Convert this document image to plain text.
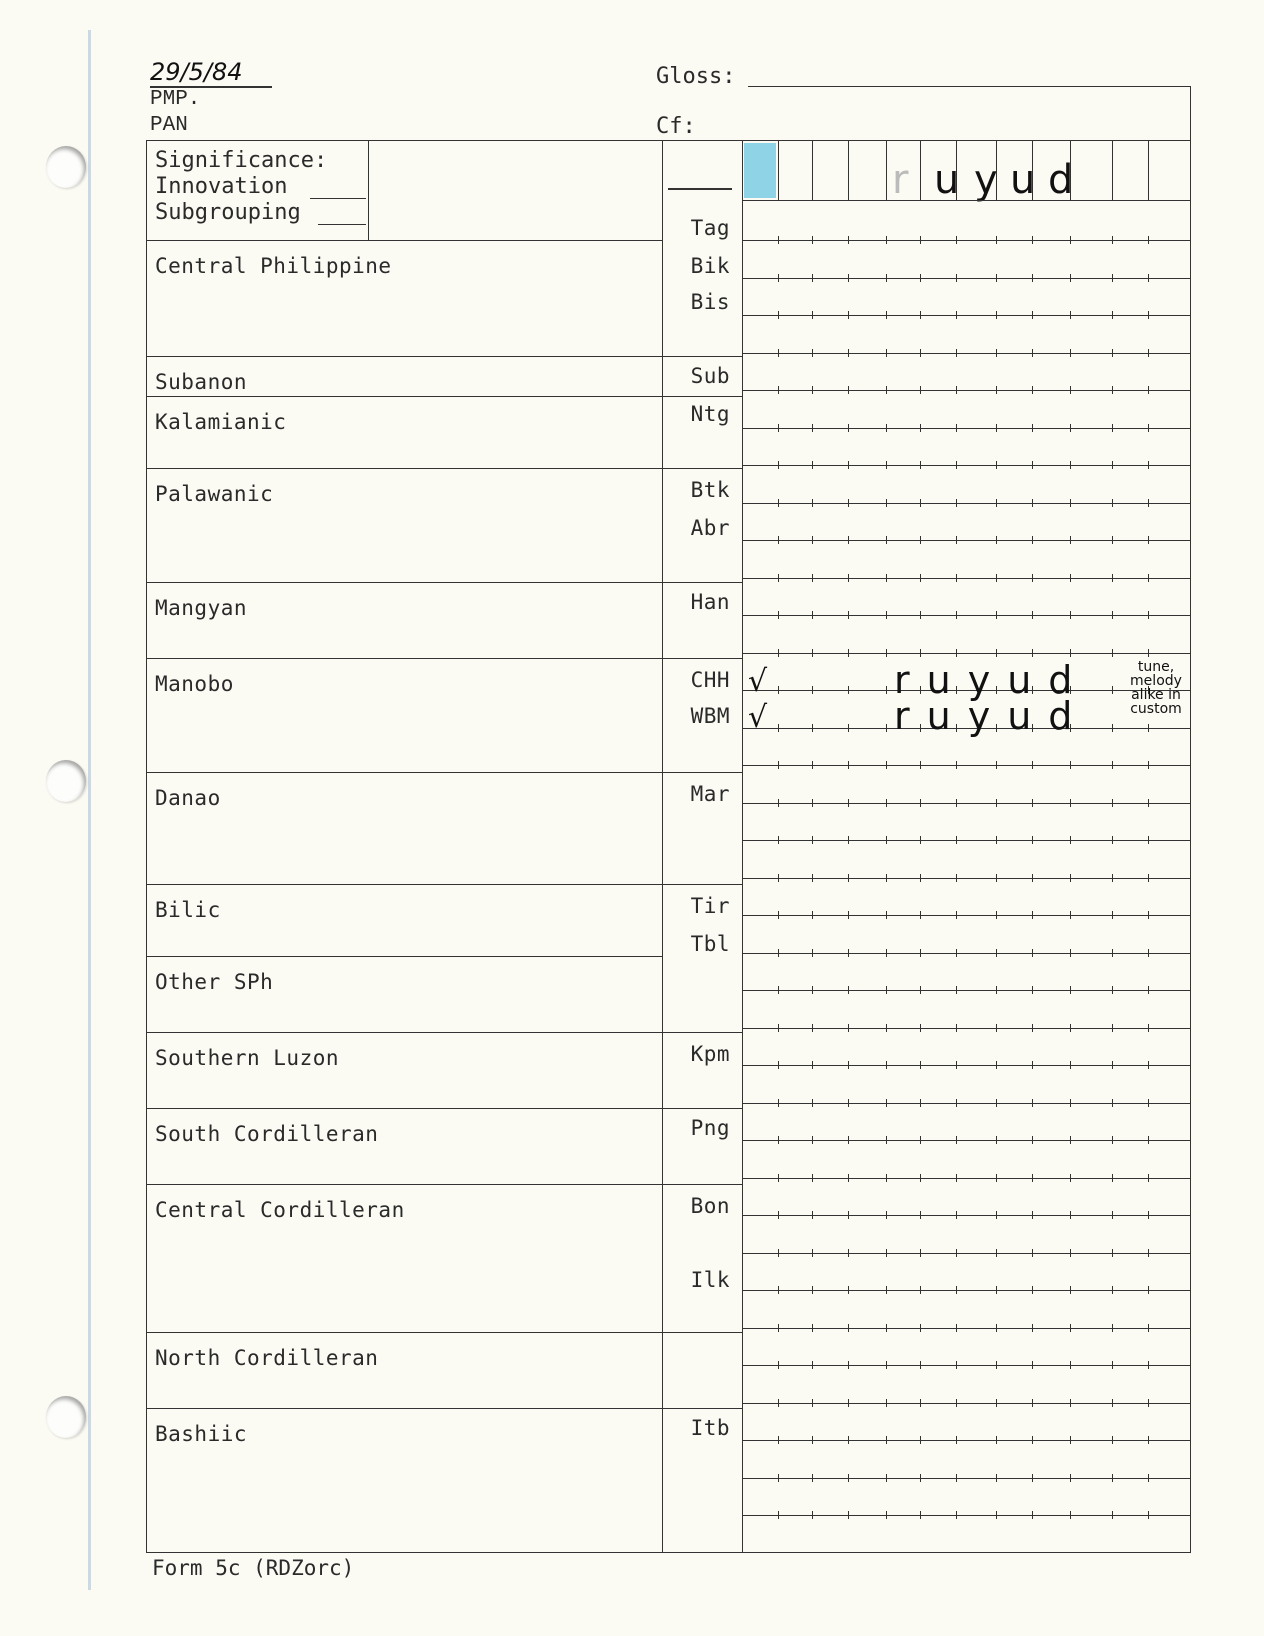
29/5/84
PMP.
PAN
Gloss:
Cf:
Significance:
Innovation
Subgrouping
r u y u d
Central Philippine
Subanon
Kalamianic
Palawanic
Mangyan
Manobo
Danao
Bilic
Other SPh
Southern Luzon
South Cordilleran
Central Cordilleran
North Cordilleran
Bashiic
Tag
Bik
Bis
Sub
Ntg
Btk
Abr
Han
CHH
WBM
Mar
Tir
Tbl
Kpm
Png
Bon
Ilk
Itb
√	ruyud
√	ruyud
tune,
melody
alike in
custom
Form 5c (RDZorc)
